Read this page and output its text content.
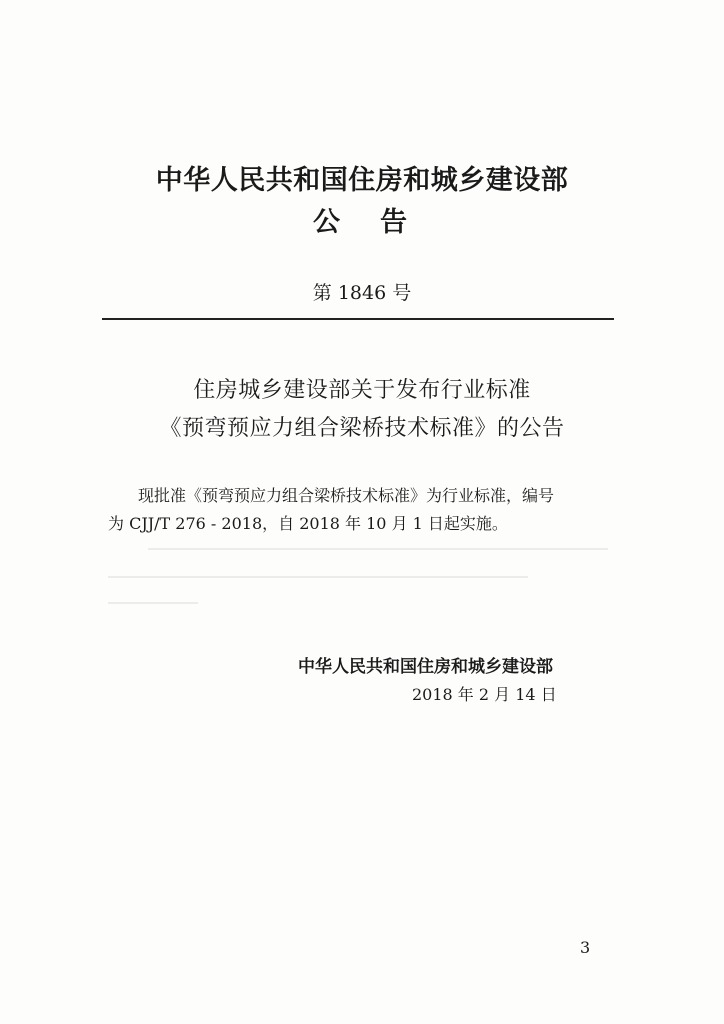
中华人民共和国住房和城乡建设部
公告
第 1846 号
住房城乡建设部关于发布行业标准
《预弯预应力组合梁桥技术标准》的公告

现批准《预弯预应力组合梁桥技术标准》为行业标准，编号

为 CJJ/T 276 - 2018，自 2018 年 10 月 1 日起实施。

中华人民共和国住房和城乡建设部
2018 年 2 月 14 日
3
